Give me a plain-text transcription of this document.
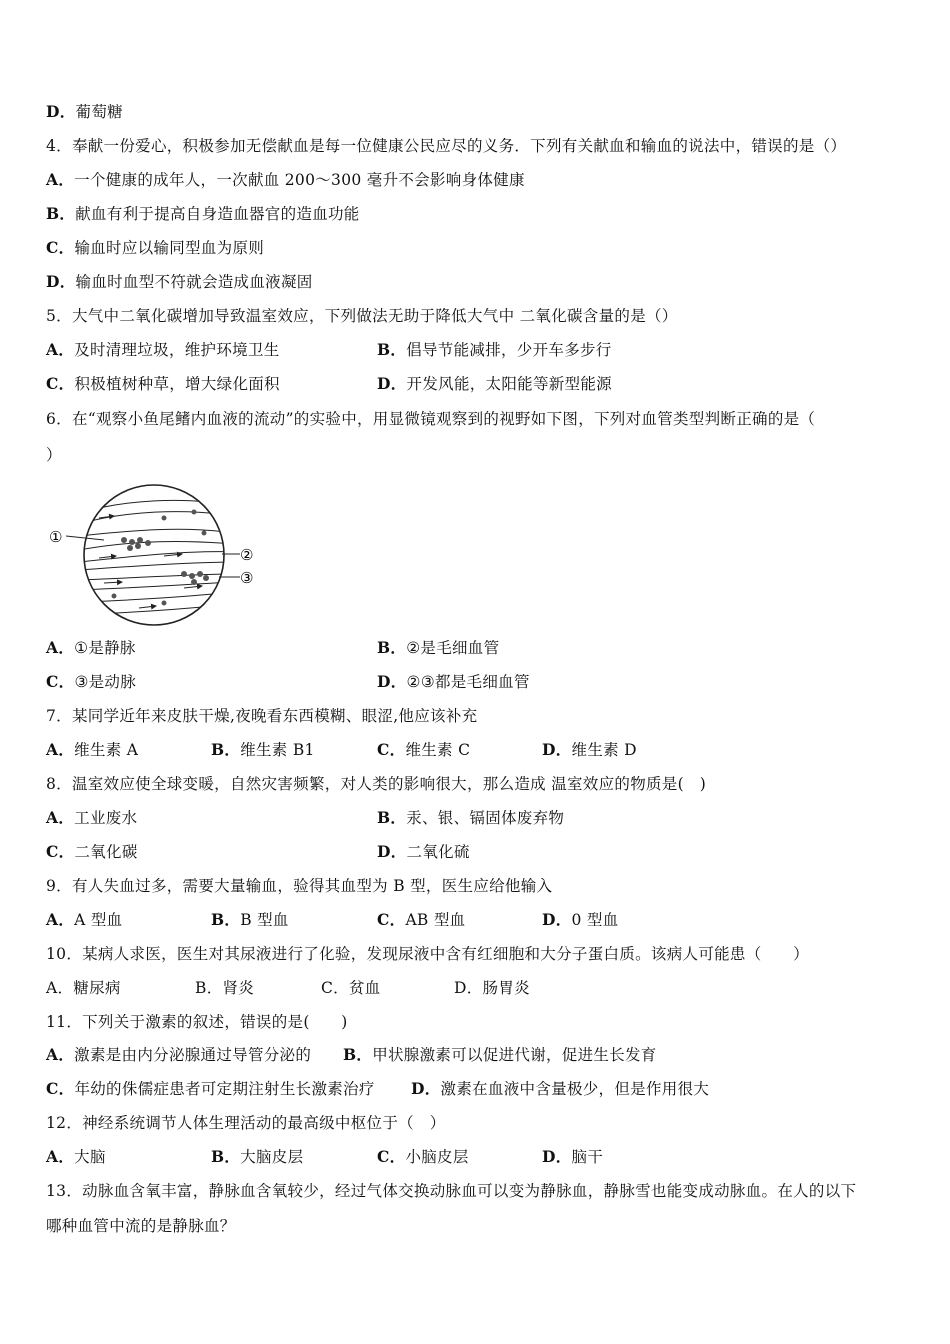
D．葡萄糖
4．奉献一份爱心，积极参加无偿献血是每一位健康公民应尽的义务．下列有关献血和输血的说法中，错误的是（）
A．一个健康的成年人，一次献血 200～300 毫升不会影响身体健康
B．献血有利于提高自身造血器官的造血功能
C．输血时应以输同型血为原则
D．输血时血型不符就会造成血液凝固
5．大气中二氧化碳增加导致温室效应，下列做法无助于降低大气中 二氧化碳含量的是（）
A．及时清理垃圾，维护环境卫生	B．倡导节能减排，少开车多步行
C．积极植树种草，增大绿化面积	D．开发风能，太阳能等新型能源
6．在“观察小鱼尾鳍内血液的流动”的实验中，用显微镜观察到的视野如下图，下列对血管类型判断正确的是（
）
①
②
③
A．①是静脉	B．②是毛细血管
C．③是动脉	D．②③都是毛细血管
7．某同学近年来皮肤干燥,夜晚看东西模糊、眼涩,他应该补充
A．维生素 A	B．维生素 B1	C．维生素 C	D．维生素 D
8．温室效应使全球变暖，自然灾害频繁，对人类的影响很大，那么造成 温室效应的物质是(　)
A．工业废水	B．汞、银、镉固体废弃物
C．二氧化碳	D．二氧化硫
9．有人失血过多，需要大量输血，验得其血型为 B 型，医生应给他输入
A．A 型血	B．B 型血	C．AB 型血	D．0 型血
10．某病人求医，医生对其尿液进行了化验，发现尿液中含有红细胞和大分子蛋白质。该病人可能患（　　）
A．糖尿病	B．肾炎	C．贫血	D．肠胃炎
11．下列关于激素的叙述，错误的是(　　)
A．激素是由内分泌腺通过导管分泌的 B．甲状腺激素可以促进代谢，促进生长发育
C．年幼的侏儒症患者可定期注射生长激素治疗 D．激素在血液中含量极少，但是作用很大
12．神经系统调节人体生理活动的最高级中枢位于（　）
A．大脑	B．大脑皮层	C．小脑皮层	D．脑干
13．动脉血含氧丰富，静脉血含氧较少，经过气体交换动脉血可以变为静脉血，静脉雪也能变成动脉血。在人的以下
哪种血管中流的是静脉血？
